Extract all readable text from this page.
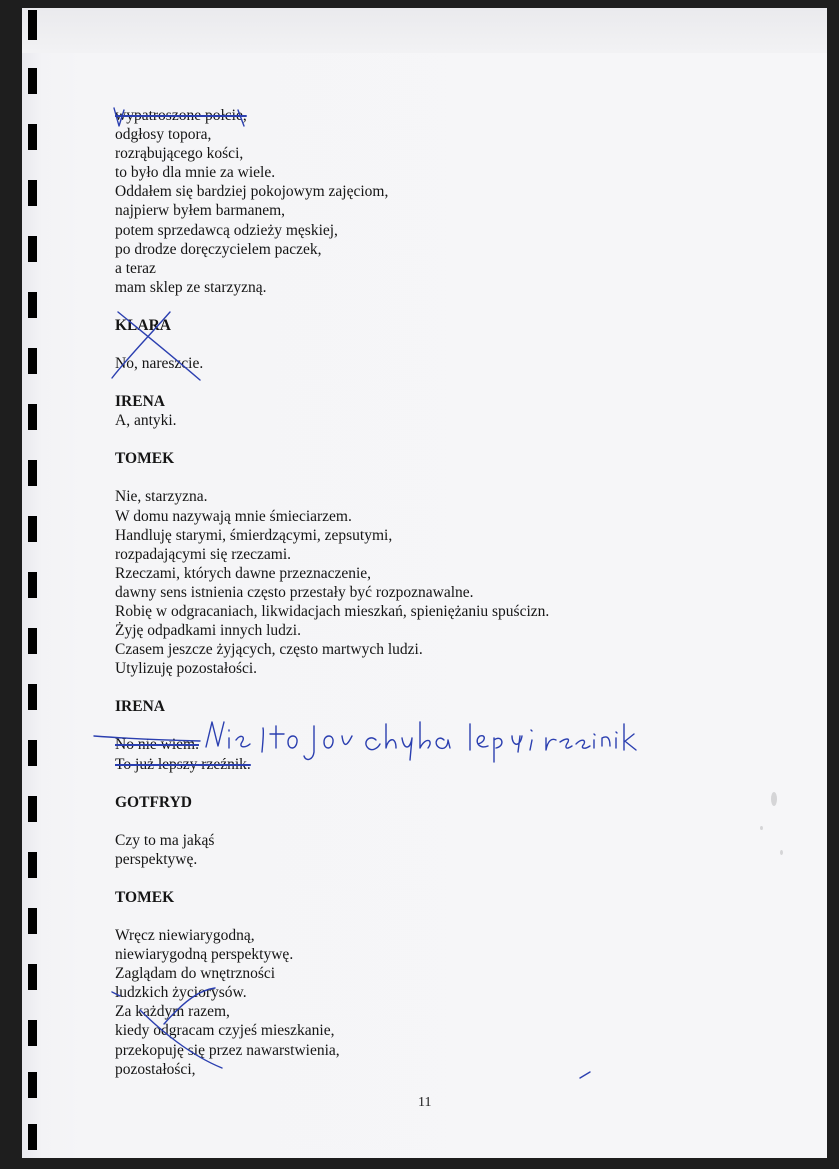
wypatroszone połcie,
odgłosy topora,
rozrąbującego kości,
to było dla mnie za wiele.
Oddałem się bardziej pokojowym zajęciom,
najpierw byłem barmanem,
potem sprzedawcą odzieży męskiej,
po drodze doręczycielem paczek,
a teraz
mam sklep ze starzyzną.
KLARA
No, nareszcie.
IRENA
A, antyki.
TOMEK
Nie, starzyzna.
W domu nazywają mnie śmieciarzem.
Handluję starymi, śmierdzącymi, zepsutymi,
rozpadającymi się rzeczami.
Rzeczami, których dawne przeznaczenie,
dawny sens istnienia często przestały być rozpoznawalne.
Robię w odgracaniach, likwidacjach mieszkań, spieniężaniu spuścizn.
Żyję odpadkami innych ludzi.
Czasem jeszcze żyjących, często martwych ludzi.
Utylizuję pozostałości.
IRENA
No nie wiem.
To już lepszy rzeźnik.
GOTFRYD
Czy to ma jakąś
perspektywę.
TOMEK
Wręcz niewiarygodną,
niewiarygodną perspektywę.
Zaglądam do wnętrzności
ludzkich życiorysów.
Za każdym razem,
kiedy odgracam czyjeś mieszkanie,
przekopuję się przez nawarstwienia,
pozostałości,
11
